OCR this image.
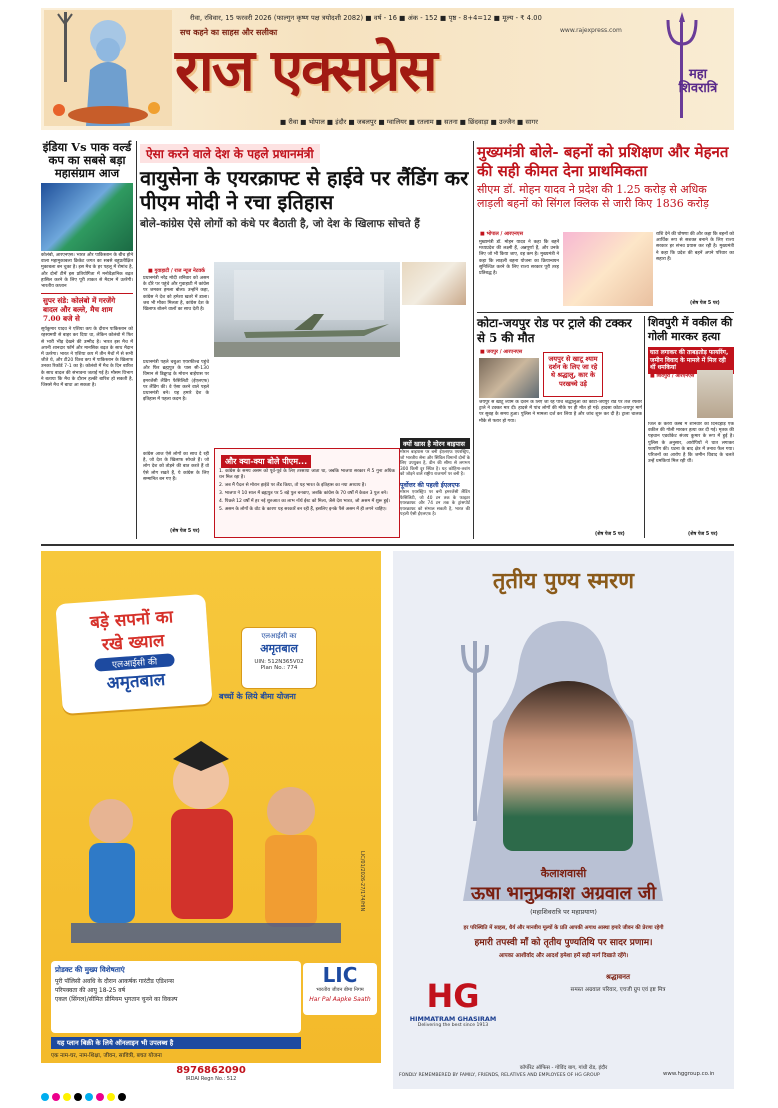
रीवा, रविवार, 15 फरवरी 2026 (फाल्गुन कृष्ण पक्ष त्रयोदशी 2082) ■ वर्ष - 16 ■ अंक - 152 ■ पृष्ठ - 8+4=12 ■ मूल्य - ₹ 4.00
सच कहने का साहस और सलीका	www.rajexpress.com
राज एक्सप्रेस	महा शिवरात्रि
■ रीवा ■ भोपाल ■ इंदौर ■ जबलपुर ■ ग्वालियर ■ रतलाम ■ सतना ■ छिंदवाड़ा ■ उज्जैन ■ सागर
इंडिया Vs पाक वर्ल्ड कप का सबसे बड़ा महासंग्राम आज

कोलंबो, आरएनएस। भारत और पाकिस्तान के बीच होने वाला महामुकाबला क्रिकेट जगत का सबसे बहुप्रतीक्षित मुकाबला बन चुका है। इस मैच के हर पहलू में रोमांच है, और दोनों टीमें इस प्रतियोगिता में मनोवैज्ञानिक बढ़त हासिल करने के लिए पूरी ताकत से मैदान में उतरेंगी। भारतीय कप्तान

सुपर संडे: कोलंबो में गरजेंगे बादल और बल्ले, मैच शाम 7.00 बजे से

सूर्यकुमार यादव ने एशिया कप के दौरान पाकिस्तान को रहस्यमयी से बाहर कर दिया था, लेकिन कोलंबो में फिर से भारी भीड़ देखने की उम्मीद है। भारत इस मैच में अपनी शानदार फॉर्म और मानसिक बढ़त के साथ मैदान में उतरेगा। भारत ने एशिया कप में तीन मैचों में से सभी जीते थे, और टी20 विश्व कप में पाकिस्तान के खिलाफ उनका रिकॉर्ड 7-1 का है। कोलंबो में मैच के दिन बारिश के साथ बादल की संभावना जताई गई है। मौसम विभाग ने बताया कि मैच के दौरान हल्की बारिश हो सकती है, जिससे मैच में बाधा आ सकता है।

ऐसा करने वाले देश के पहले प्रधानमंत्री
वायुसेना के एयरक्राफ्ट से हाईवे पर लैंडिंग कर पीएम मोदी ने रचा इतिहास
बोले-कांग्रेस ऐसे लोगों को कंधे पर बैठाती है, जो देश के खिलाफ सोचते हैं
■ गुवाहाटी / राज न्यूज नेटवर्क

प्रधानमंत्री नरेंद्र मोदी शनिवार को असम के दौरे पर पहुंचे और गुवाहाटी में कांग्रेस पर जमकर हमला बोला। उन्होंने कहा, कांग्रेस ने देश को हमेशा खतरे में डाला। जब भी मौका मिलता है, कांग्रेस देश के खिलाफ बोलने वालों का साथ देती है।

प्रधानमंत्री पहले चबुआ एयरफील्ड पहुंचे और फिर ब्रह्मपुत्र के पास सी-130 विमान से डिब्रूगढ़ के मोरान बाईपास पर इमरजेंसी लैंडिंग फैसिलिटी (ईएलएफ) पर लैंडिंग की। वे ऐसा करने वाले पहले प्रधानमंत्री बने। यह हमारे देश के इतिहास में पहला कदम है।

कांग्रेस आज ऐसे लोगों का साथ दे रही है, जो देश के खिलाफ सोचते हैं। जो लोग देश को तोड़ने की बात करते हैं वो ऐसे लोग रखते हैं, ये कांग्रेस के लिए सम्मानित बन गए हैं।

(शेष पेज 5 पर)
और क्या-क्या बोले पीएम...

1. कांग्रेस के समय असम को पूर्व-पूर्व के लिए तरसाया जाता था, जबकि भाजपा सरकार में 5 गुना अधिक धन मिल रहा है।

2. जब मैं पैदल से मोरान हाईवे पर लैंड किया, तो यह भारत के इतिहास का नया अध्याय है।

3. भाजपा ने 10 साल में ब्रह्मपुत्र पर 5 बड़े पुल बनवाए, जबकि कांग्रेस के 70 वर्षों में केवल 3 पुल बने।

4. पिछले 12 वर्षों में हर नई शुरुआत का लाभ नॉर्थ ईस्ट को मिला, जैसे देश भारत, जो असम में शुरू हुई।

5. असम के लोगों के वोट के कारण यह सरकारें बन रही हैं, इसलिए इनके पैसे असम में ही लगने चाहिए।

क्यों खास है मोरन बाइपास

मोरान बाइपास पर बनी ईएलएफ एयरस्ट्रिप, जो भारतीय सेना और सिविल विमानों दोनों के लिए उपयुक्त है, डीन की सीमा से लगभग 300 किमी दूर स्थित है। यह कोहिमा-तवांग को जोड़ने वाले राष्ट्रीय राजमार्ग पर बनी है।

पूर्वोत्तर की पहली ईएलएफ

मोरान एयरस्ट्रिप पर बनी इमरजेंसी लैंडिंग फैसिलिटी, जो 40 टन तक के फाइटर एयरक्राफ्ट और 74 टन तक के ट्रांसपोर्ट एयरक्राफ्ट को संभाल सकती है, भारत की पहली ऐसी ईएलएफ है।

मुख्यमंत्री बोले- बहनों को प्रशिक्षण और मेहनत की सही कीमत देना प्राथमिकता
सीएम डॉ. मोहन यादव ने प्रदेश की 1.25 करोड़ से अधिक लाड़ली बहनों को सिंगल क्लिक से जारी किए 1836 करोड़
■ भोपाल / आरएनएस

मुख्यमंत्री डॉ. मोहन यादव ने कहा कि बहनें मध्यप्रदेश की लक्ष्मी हैं, अन्नपूर्णा हैं, और उनके लिए जो भी किया जाए, वह कम है। मुख्यमंत्री ने कहा कि लाड़ली बहना योजना का क्रियान्वयन सुनिश्चित करने के लिए राज्य सरकार पूरी तरह प्रतिबद्ध है।

राशि देने की घोषणा की और कहा कि बहनों को आर्थिक रूप से सशक्त बनाने के लिए राज्य सरकार हर संभव प्रयास कर रही है। मुख्यमंत्री ने कहा कि प्रदेश की बहनें अपने परिवार का सहारा हैं।

(शेष पेज 5 पर)
कोटा-जयपुर रोड पर ट्राले की टक्कर से 5 की मौत
■ जयपुर / आरएनएस
जयपुर से खाटू श्याम दर्शन के लिए जा रहे थे श्रद्धालु, कार के परखच्चे उड़े

जयपुर से खाटू श्याम के दर्शन के लिए जा रहे पांच श्रद्धालुओं को कोटा-जयपुर रोड पर तेज रफ्तार ट्राले ने टक्कर मार दी। हादसे में पांच लोगों की मौके पर ही मौत हो गई। हादसा कोटा-जयपुर मार्ग पर सुबह के समय हुआ। पुलिस ने मामला दर्ज कर लिया है और जांच शुरू कर दी है। ट्राला चालक मौके से फरार हो गया।

(शेष पेज 5 पर)
शिवपुरी में वकील की गोली मारकर हत्या
घात लगाकर की ताबड़तोड़ फायरिंग, जमीन विवाद के मामले में मिल रही थीं धमकियां
■ शिवपुरी / आरएनएस

जिले के करैरा कस्बे में शनिवार को दिनदहाड़े एक वकील की गोली मारकर हत्या कर दी गई। मृतक की पहचान एडवोकेट संजय कुमार के रूप में हुई है। पुलिस के अनुसार, आरोपियों ने घात लगाकर फायरिंग की। घटना के बाद क्षेत्र में तनाव फैल गया। परिजनों का आरोप है कि जमीन विवाद के चलते उन्हें धमकियां मिल रही थीं।

(शेष पेज 5 पर)
बड़े सपनों का
रखे ख्याल
एलआईसी की
अमृतबाल
एलआईसी का
अमृतबाल
UIN: 512N365V02
Plan No.: 774
बच्चों के लिये बीमा योजना
प्रोडक्ट की मुख्य विशेषताएं
पूरी पॉलिसी अवधि के दौरान आकर्षक गारंटीड एडिशन्स
परिपक्वता की आयु 18-25 वर्ष
एकल (सिंगल)/सीमित प्रीमियम भुगतान चुनने का विकल्प
LIC
भारतीय जीवन बीमा निगम
Har Pal Aapke Saath
यह प्लान बिक्री के लिये ऑनलाइन भी उपलब्ध है
एक नाम-घर, नाम-शिक्षा, जीवन, सावित्री, बचत योजना
8976862090
IRDAI Regn No.: 512
LIC/01/2026-27/174/HIN
तृतीय पुण्य स्मरण
कैलाशवासी
ऊषा भानुप्रकाश अग्रवाल जी
(महाशिवरात्रि पर महाप्रयाण)
हर परिस्थिति में साहस, धैर्य और मानवीय मूल्यों के प्रति आपकी अगाध आस्था हमारे जीवन की प्रेरणा रहेगी
हमारी तपस्वी माँ को तृतीय पुण्यतिथि पर सादर प्रणाम।
आपका आशीर्वाद और आदर्श हमेशा हमें सही मार्ग दिखाते रहेंगे।
HG
HIMMATRAM GHASIRAM
Delivering the best since 1913
श्रद्धावनत
समस्त अग्रवाल परिवार, एचजी ग्रुप एवं इष्ट मित्र
कॉर्पोरेट ऑफिस - गोविंद बाग, गांधी रोड, इंदौर
FONDLY REMEMBERED BY FAMILY, FRIENDS, RELATIVES AND EMPLOYEES OF HG GROUP	www.hggroup.co.in
